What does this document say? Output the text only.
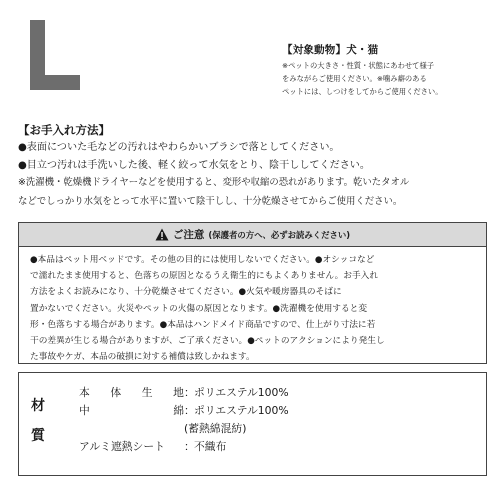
【対象動物】犬・猫
※ペットの大きさ・性質・状態にあわせて様子
をみながらご使用ください。※噛み癖のある
ペットには、しつけをしてからご使用ください。
【お手入れ方法】
●表面についた毛などの汚れはやわらかいブラシで落としてください。
●目立つ汚れは手洗いした後、軽く絞って水気をとり、陰干ししてください。
※洗濯機・乾燥機ドライヤーなどを使用すると、変形や収縮の恐れがあります。乾いたタオル
などでしっかり水気をとって水平に置いて陰干しし、十分乾燥させてからご使用ください。
ご注意 (保護者の方へ、必ずお読みください)
●本品はペット用ベッドです。その他の目的には使用しないでください。●オシッコなど
で濡れたまま使用すると、色落ちの原因となるうえ衛生的にもよくありません。お手入れ
方法をよくお読みになり、十分乾燥させてください。●火気や暖房器具のそばに
置かないでください。火災やペットの火傷の原因となります。●洗濯機を使用すると変
形・色落ちする場合があります。●本品はハンドメイド商品ですので、仕上がり寸法に若
干の差異が生じる場合がありますが、ご了承ください。●ペットのアクションにより発生し
た事故やケガ、本品の破損に対する補償は致しかねます。
材
質
本 体 生 地 ： ポリエステル100%
中	綿 ： ポリエステル100%
(蓄熱綿混紡)
アルミ遮熱シート	： 不織布
